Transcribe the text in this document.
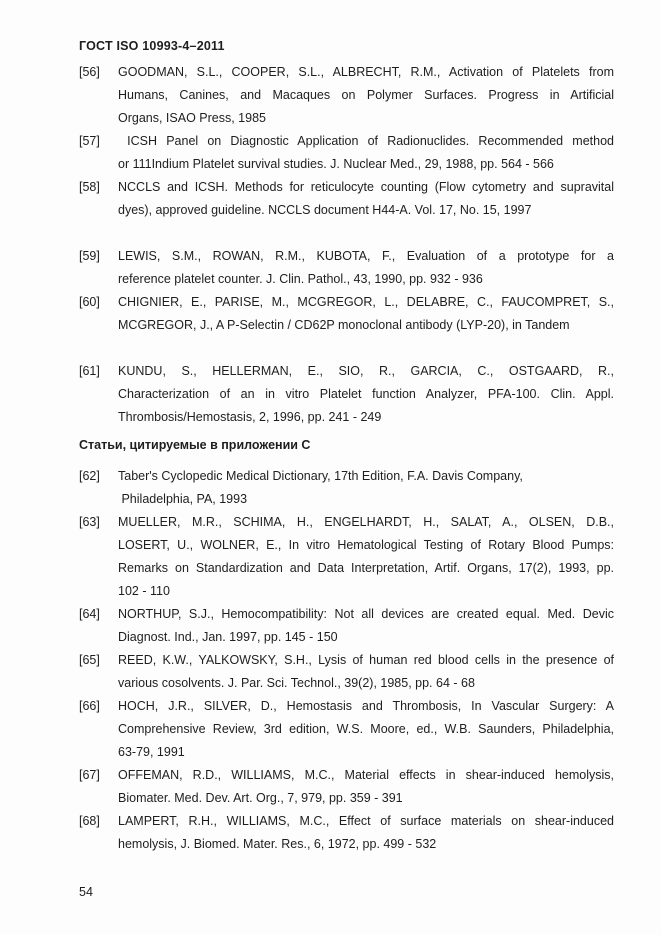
ГОСТ ISO 10993-4–2011
[56] GOODMAN, S.L., COOPER, S.L., ALBRECHT, R.M., Activation of Platelets from
Humans, Canines, and Macaques on Polymer Surfaces. Progress in Artificial
Organs, ISAO Press, 1985
[57] ICSH Panel on Diagnostic Application of Radionuclides. Recommended method
or 111Indium Platelet survival studies. J. Nuclear Med., 29, 1988, pp. 564 - 566
[58] NCCLS and ICSH. Methods for reticulocyte counting (Flow cytometry and supravital
dyes), approved guideline. NCCLS document H44-A. Vol. 17, No. 15, 1997
[59] LEWIS, S.M., ROWAN, R.M., KUBOTA, F., Evaluation of a prototype for a
reference platelet counter. J. Clin. Pathol., 43, 1990, pp. 932 - 936
[60] CHIGNIER, E., PARISE, M., MCGREGOR, L., DELABRE, C., FAUCOMPRET, S.,
MCGREGOR, J., A P-Selectin / CD62P monoclonal antibody (LYP-20), in Tandem
[61] KUNDU, S., HELLERMAN, E., SIO, R., GARCIA, C., OSTGAARD, R.,
Characterization of an in vitro Platelet function Analyzer, PFA-100. Clin. Appl.
Thrombosis/Hemostasis, 2, 1996, pp. 241 - 249
Статьи, цитируемые в приложении С
[62] Taber's Cyclopedic Medical Dictionary, 17th Edition, F.A. Davis Company,
Philadelphia, PA, 1993
[63] MUELLER, M.R., SCHIMA, H., ENGELHARDT, H., SALAT, A., OLSEN, D.B.,
LOSERT, U., WOLNER, E., In vitro Hematological Testing of Rotary Blood Pumps:
Remarks on Standardization and Data Interpretation, Artif. Organs, 17(2), 1993, pp.
102 - 110
[64] NORTHUP, S.J., Hemocompatibility: Not all devices are created equal. Med. Devic
Diagnost. Ind., Jan. 1997, pp. 145 - 150
[65] REED, K.W., YALKOWSKY, S.H., Lysis of human red blood cells in the presence of
various cosolvents. J. Par. Sci. Technol., 39(2), 1985, pp. 64 - 68
[66] HOCH, J.R., SILVER, D., Hemostasis and Thrombosis, In Vascular Surgery: A
Comprehensive Review, 3rd edition, W.S. Moore, ed., W.B. Saunders, Philadelphia,
63-79, 1991
[67] OFFEMAN, R.D., WILLIAMS, M.C., Material effects in shear-induced hemolysis,
Biomater. Med. Dev. Art. Org., 7, 979, pp. 359 - 391
[68] LAMPERT, R.H., WILLIAMS, M.C., Effect of surface materials on shear-induced
hemolysis, J. Biomed. Mater. Res., 6, 1972, pp. 499 - 532
54
